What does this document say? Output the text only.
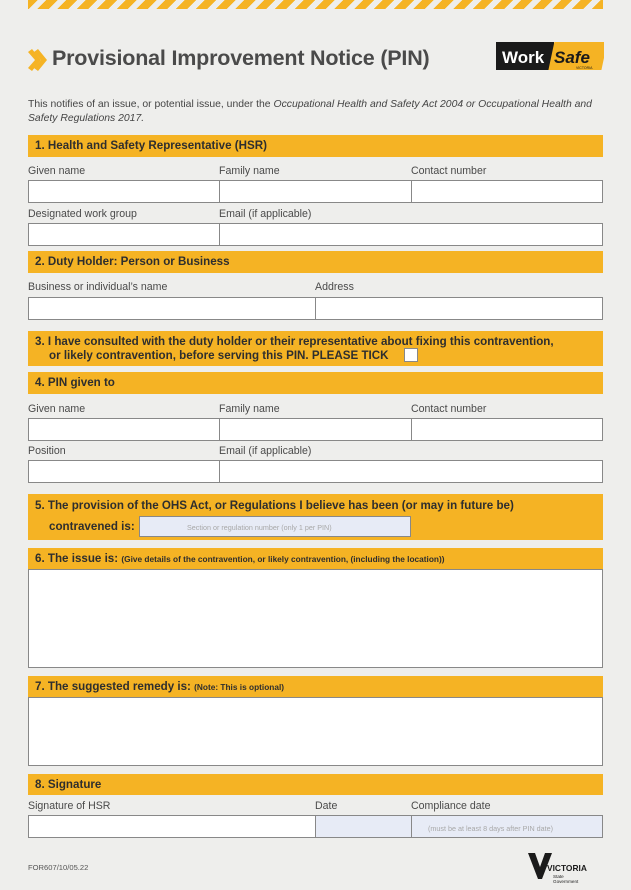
Provisional Improvement Notice (PIN)	Work Safe
VICTORIA
This notifies of an issue, or potential issue, under the Occupational Health and Safety Act 2004 or Occupational Health and Safety Regulations 2017.
1. Health and Safety Representative (HSR)
Given name	Family name	Contact number
Designated work group	Email (if applicable)
2. Duty Holder: Person or Business
Business or individual’s name	Address
3. I have consulted with the duty holder or their representative about fixing this contravention,
or likely contravention, before serving this PIN. PLEASE TICK
4. PIN given to
Given name	Family name	Contact number
Position	Email (if applicable)
5. The provision of the OHS Act, or Regulations I believe has been (or may in future be)
contravened is:	Section or regulation number (only 1 per PIN)
6. The issue is: (Give details of the contravention, or likely contravention, (including the location))
7. The suggested remedy is: (Note: This is optional)
8. Signature
Signature of HSR	Date	Compliance date
(must be at least 8 days after PIN date)
FOR607/10/05.22	VICTORIA
State
Government
